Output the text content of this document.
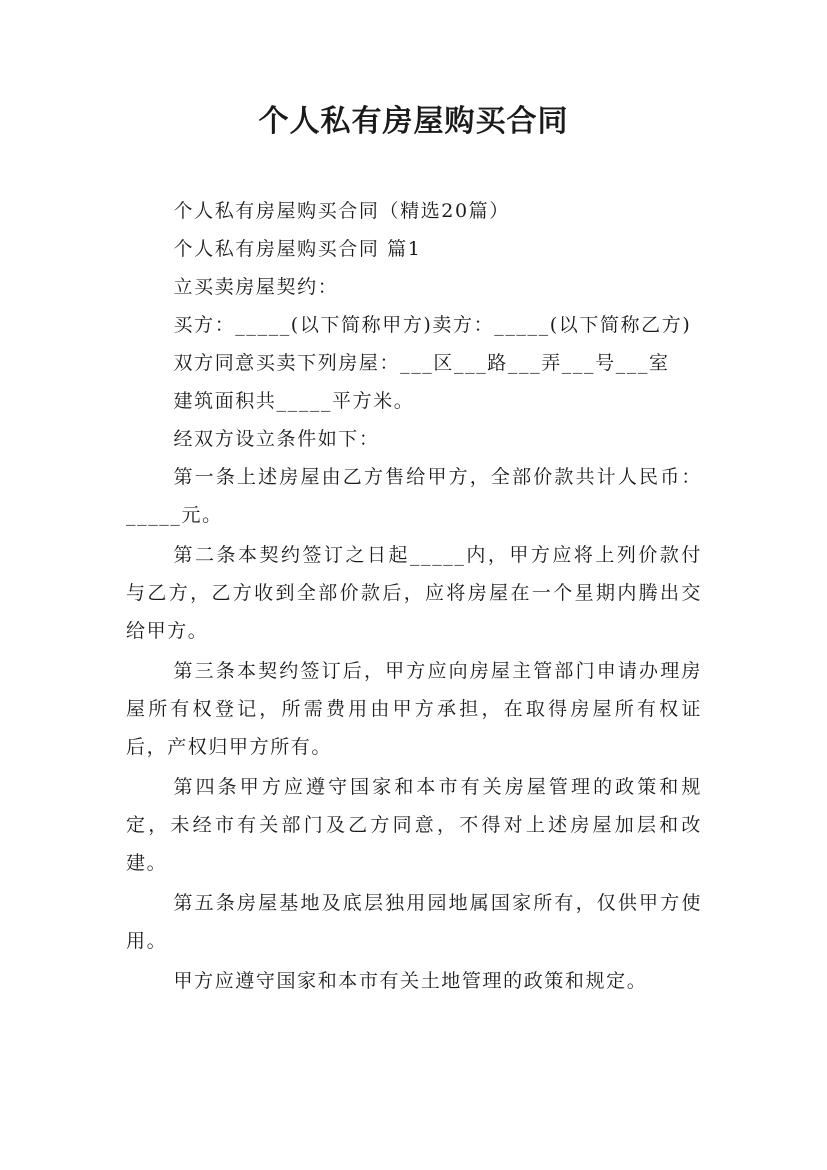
个人私有房屋购买合同

个人私有房屋购买合同（精选20篇）

个人私有房屋购买合同 篇1

立买卖房屋契约：

买方：_____(以下简称甲方)卖方：_____(以下简称乙方)

双方同意买卖下列房屋：___区___路___弄___号___室

建筑面积共_____平方米。

经双方设立条件如下：

第一条上述房屋由乙方售给甲方，全部价款共计人民币：_____元。

第二条本契约签订之日起_____内，甲方应将上列价款付与乙方，乙方收到全部价款后，应将房屋在一个星期内腾出交给甲方。

第三条本契约签订后，甲方应向房屋主管部门申请办理房屋所有权登记，所需费用由甲方承担，在取得房屋所有权证后，产权归甲方所有。

第四条甲方应遵守国家和本市有关房屋管理的政策和规定，未经市有关部门及乙方同意，不得对上述房屋加层和改建。

第五条房屋基地及底层独用园地属国家所有，仅供甲方使用。

甲方应遵守国家和本市有关土地管理的政策和规定。
